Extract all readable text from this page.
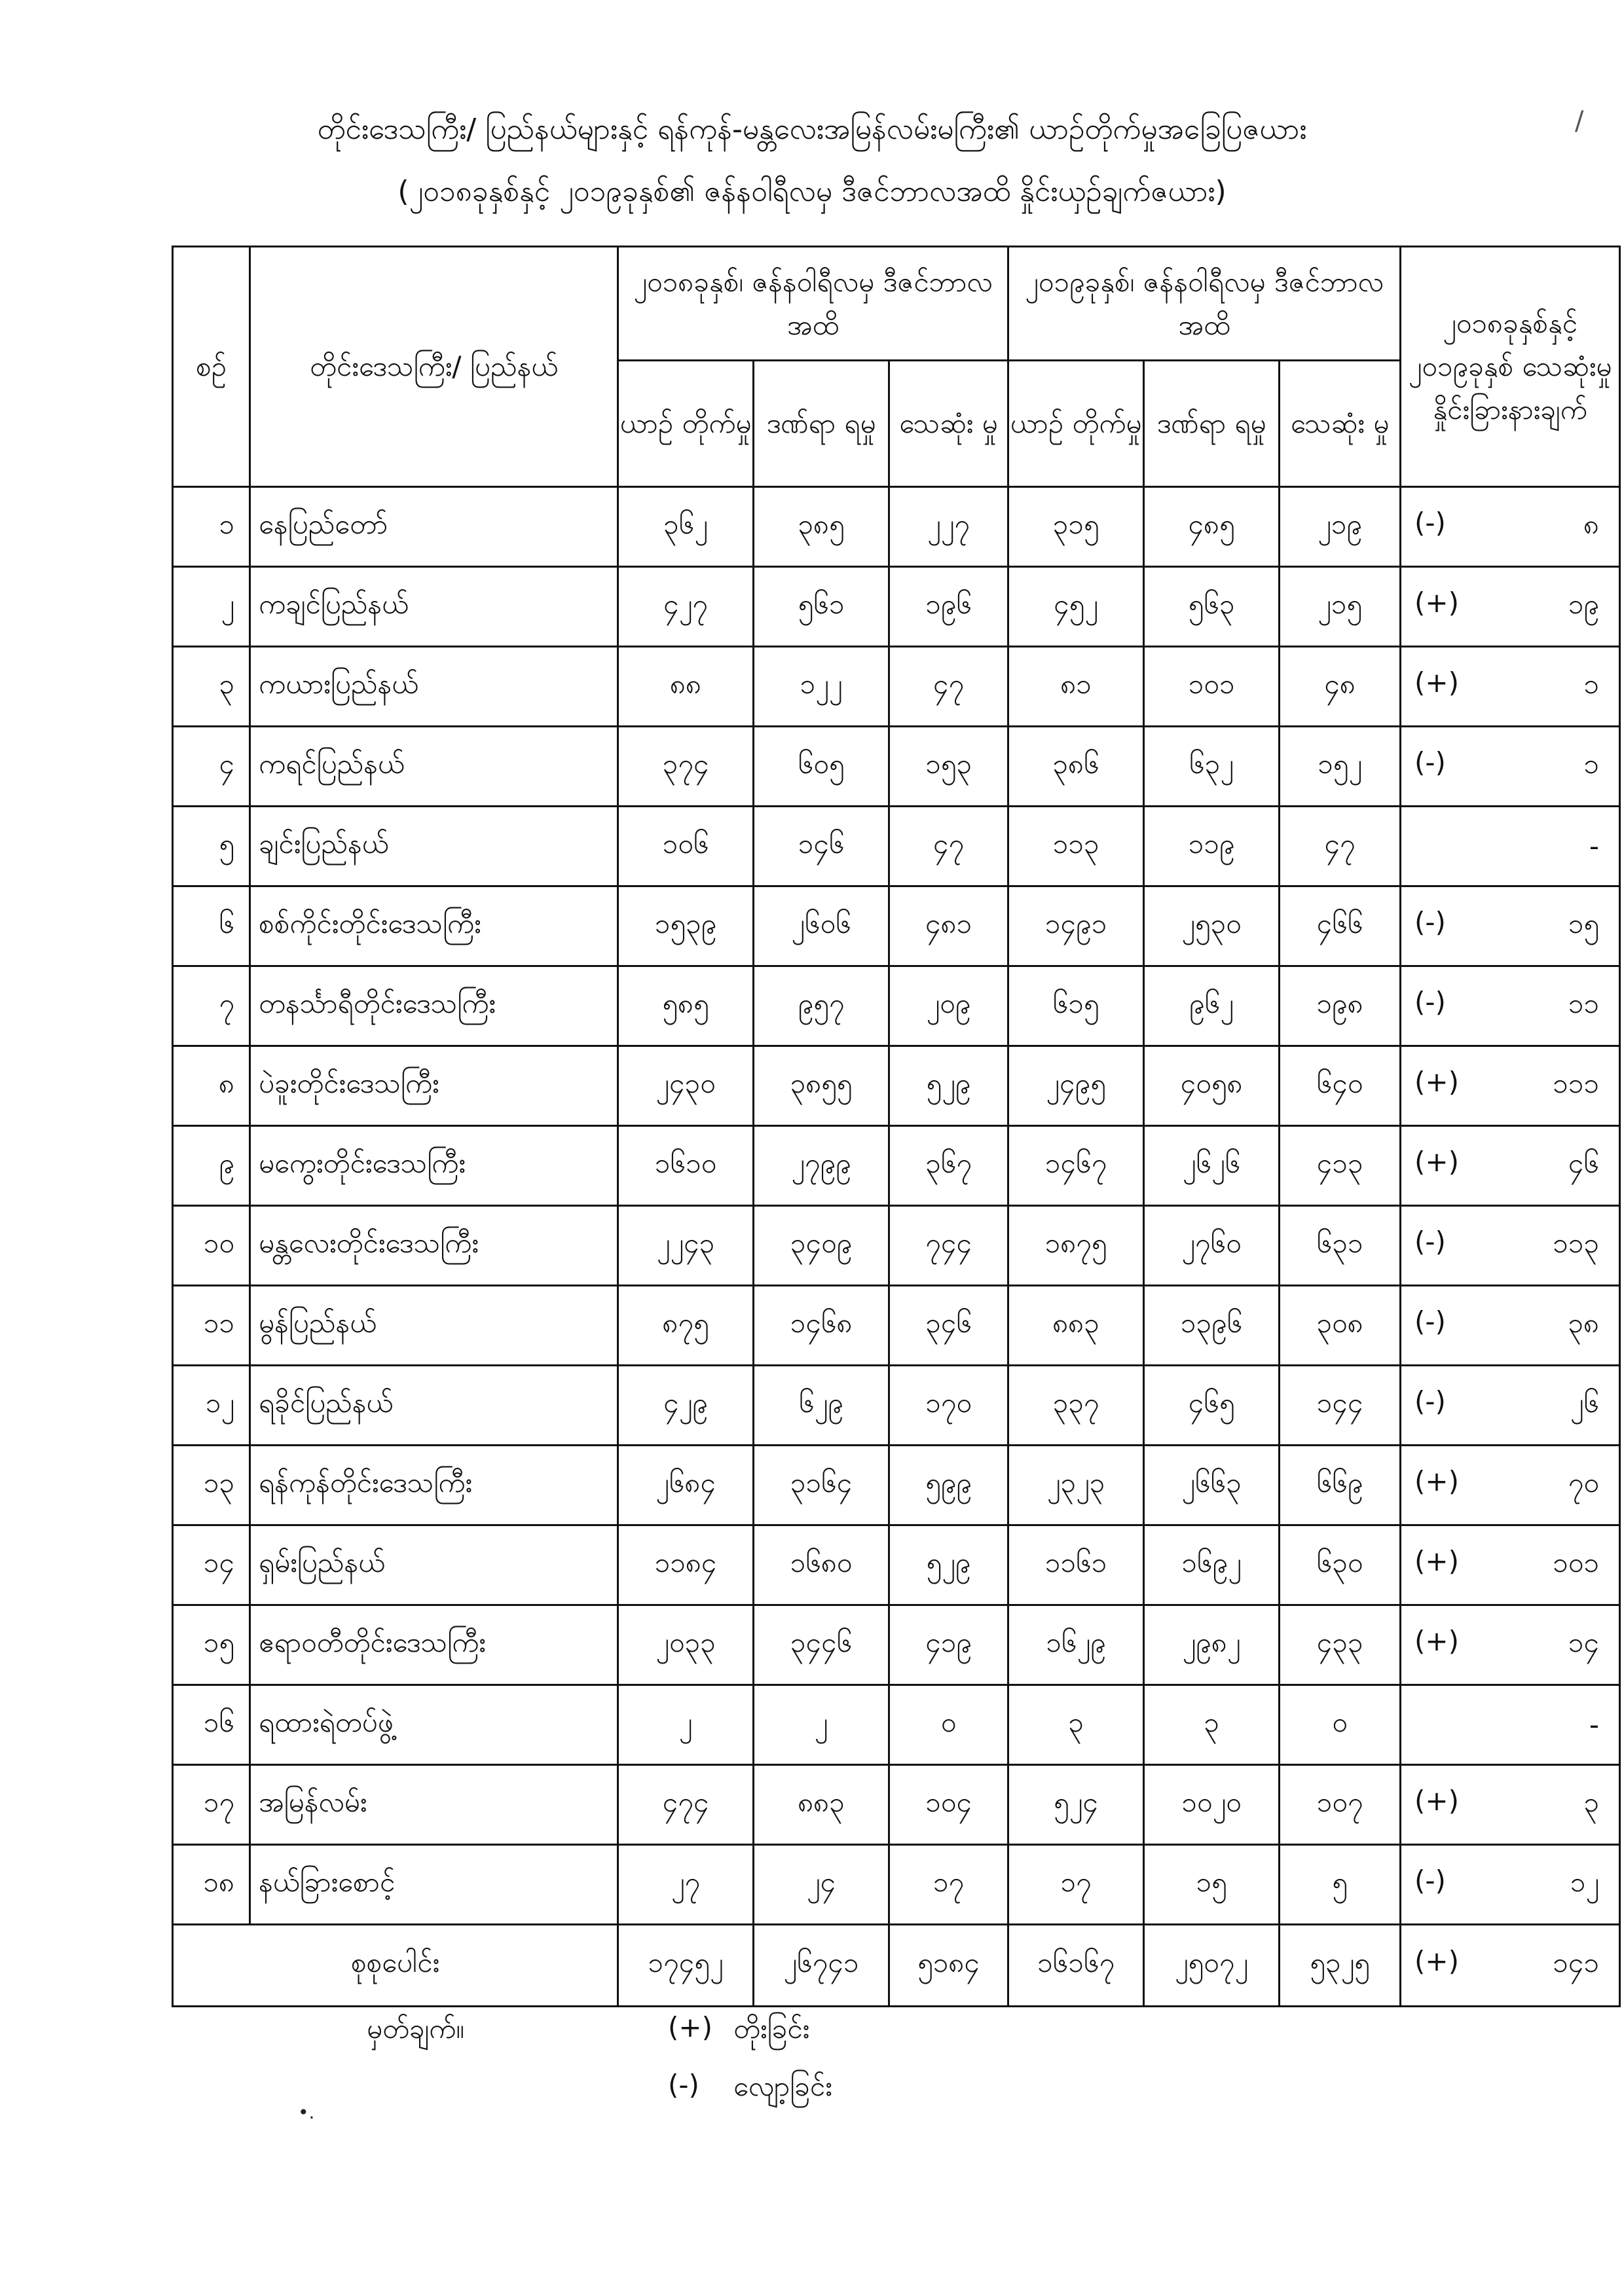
တိုင်းဒေသကြီး/ ပြည်နယ်များနှင့် ရန်ကုန်-မန္တလေးအမြန်လမ်းမကြီး၏ ယာဉ်တိုက်မှုအခြေပြဇယား
(၂၀၁၈ခုနှစ်နှင့် ၂၀၁၉ခုနှစ်၏ ဇန်နဝါရီလမှ ဒီဇင်ဘာလအထိ နှိုင်းယှဉ်ချက်ဇယား)
/
စဉ်	တိုင်းဒေသကြီး/ ပြည်နယ်	၂၀၁၈ခုနှစ်၊ ဇန်နဝါရီလမှ ဒီဇင်ဘာလအထိ			၂၀၁၉ခုနှစ်၊ ဇန်နဝါရီလမှ ဒီဇင်ဘာလအထိ			၂၀၁၈ခုနှစ်နှင့် ၂၀၁၉ခုနှစ် သေဆုံးမှုနှိုင်းခြားနားချက်
		ယာဉ် တိုက်မှု	ဒဏ်ရာ ရမှု	သေဆုံး မှု	ယာဉ် တိုက်မှု	ဒဏ်ရာ ရမှု	သေဆုံး မှု	
၁	နေပြည်တော်	၃၆၂	၃၈၅	၂၂၇	၃၁၅	၄၈၅	၂၁၉	(-) ၈

၂	ကချင်ပြည်နယ်	၄၂၇	၅၆၁	၁၉၆	၄၅၂	၅၆၃	၂၁၅	(+) ၁၉

၃	ကယားပြည်နယ်	၈၈	၁၂၂	၄၇	၈၁	၁၀၁	၄၈	(+) ၁

၄	ကရင်ပြည်နယ်	၃၇၄	၆၀၅	၁၅၃	၃၈၆	၆၃၂	၁၅၂	(-) ၁

၅	ချင်းပြည်နယ်	၁၀၆	၁၄၆	၄၇	၁၁၃	၁၁၉	၄၇	-

၆	စစ်ကိုင်းတိုင်းဒေသကြီး	၁၅၃၉	၂၆၀၆	၄၈၁	၁၄၉၁	၂၅၃၀	၄၆၆	(-) ၁၅

၇	တနင်္သာရီတိုင်းဒေသကြီး	၅၈၅	၉၅၇	၂၀၉	၆၁၅	၉၆၂	၁၉၈	(-) ၁၁

၈	ပဲခူးတိုင်းဒေသကြီး	၂၄၃၀	၃၈၅၅	၅၂၉	၂၄၉၅	၄၀၅၈	၆၄၀	(+) ၁၁၁

၉	မကွေးတိုင်းဒေသကြီး	၁၆၁၀	၂၇၉၉	၃၆၇	၁၄၆၇	၂၆၂၆	၄၁၃	(+) ၄၆

၁၀	မန္တလေးတိုင်းဒေသကြီး	၂၂၄၃	၃၄၀၉	၇၄၄	၁၈၇၅	၂၇၆၀	၆၃၁	(-) ၁၁၃

၁၁	မွန်ပြည်နယ်	၈၇၅	၁၄၆၈	၃၄၆	၈၈၃	၁၃၉၆	၃၀၈	(-) ၃၈

၁၂	ရခိုင်ပြည်နယ်	၄၂၉	၆၂၉	၁၇၀	၃၃၇	၄၆၅	၁၄၄	(-) ၂၆

၁၃	ရန်ကုန်တိုင်းဒေသကြီး	၂၆၈၄	၃၁၆၄	၅၉၉	၂၃၂၃	၂၆၆၃	၆၆၉	(+) ၇၀

၁၄	ရှမ်းပြည်နယ်	၁၁၈၄	၁၆၈၀	၅၂၉	၁၁၆၁	၁၆၉၂	၆၃၀	(+) ၁၀၁

၁၅	ဧရာဝတီတိုင်းဒေသကြီး	၂၀၃၃	၃၄၄၆	၄၁၉	၁၆၂၉	၂၉၈၂	၄၃၃	(+) ၁၄

၁၆	ရထားရဲတပ်ဖွဲ့	၂	၂	၀	၃	၃	၀	-

၁၇	အမြန်လမ်း	၄၇၄	၈၈၃	၁၀၄	၅၂၄	၁၀၂၀	၁၀၇	(+) ၃

၁၈	နယ်ခြားစောင့်	၂၇	၂၄	၁၇	၁၇	၁၅	၅	(-) ၁၂

စုစုပေါင်း		၁၇၄၅၂	၂၆၇၄၁	၅၁၈၄	၁၆၁၆၇	၂၅၀၇၂	၅၃၂၅	(+) ၁၄၁
မှတ်ချက်။	(+) တိုးခြင်း
(-) လျော့ခြင်း
•.
